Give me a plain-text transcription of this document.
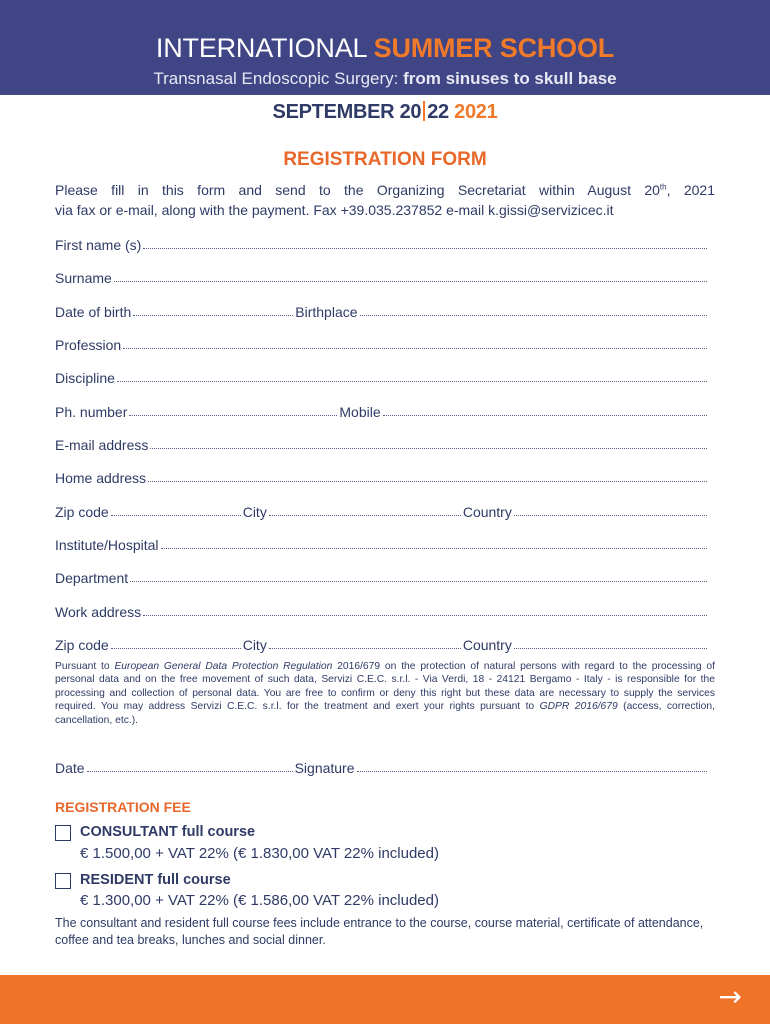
INTERNATIONAL SUMMER SCHOOL
Transnasal Endoscopic Surgery: from sinuses to skull base
SEPTEMBER 20 22 2021
REGISTRATION FORM
Please fill in this form and send to the Organizing Secretariat within August 20th, 2021
via fax or e-mail, along with the payment. Fax +39.035.237852 e-mail k.gissi@servizicec.it
First name (s)
Surname
Date of birth	Birthplace
Profession
Discipline
Ph. number	Mobile
E-mail address
Home address
Zip code	City	Country
Institute/Hospital
Department
Work address
Zip code	City	Country
Pursuant to European General Data Protection Regulation 2016/679 on the protection of natural persons with regard to the processing of personal data and on the free movement of such data, Servizi C.E.C. s.r.l. - Via Verdi, 18 - 24121 Bergamo - Italy - is responsible for the processing and collection of personal data. You are free to confirm or deny this right but these data are necessary to supply the services required. You may address Servizi C.E.C. s.r.l. for the treatment and exert your rights pursuant to GDPR 2016/679 (access, correction, cancellation, etc.).
Date	Signature
REGISTRATION FEE
CONSULTANT full course
€ 1.500,00 + VAT 22% (€ 1.830,00 VAT 22% included)
RESIDENT full course
€ 1.300,00 + VAT 22% (€ 1.586,00 VAT 22% included)
The consultant and resident full course fees include entrance to the course, course material, certificate of attendance, coffee and tea breaks, lunches and social dinner.
→
